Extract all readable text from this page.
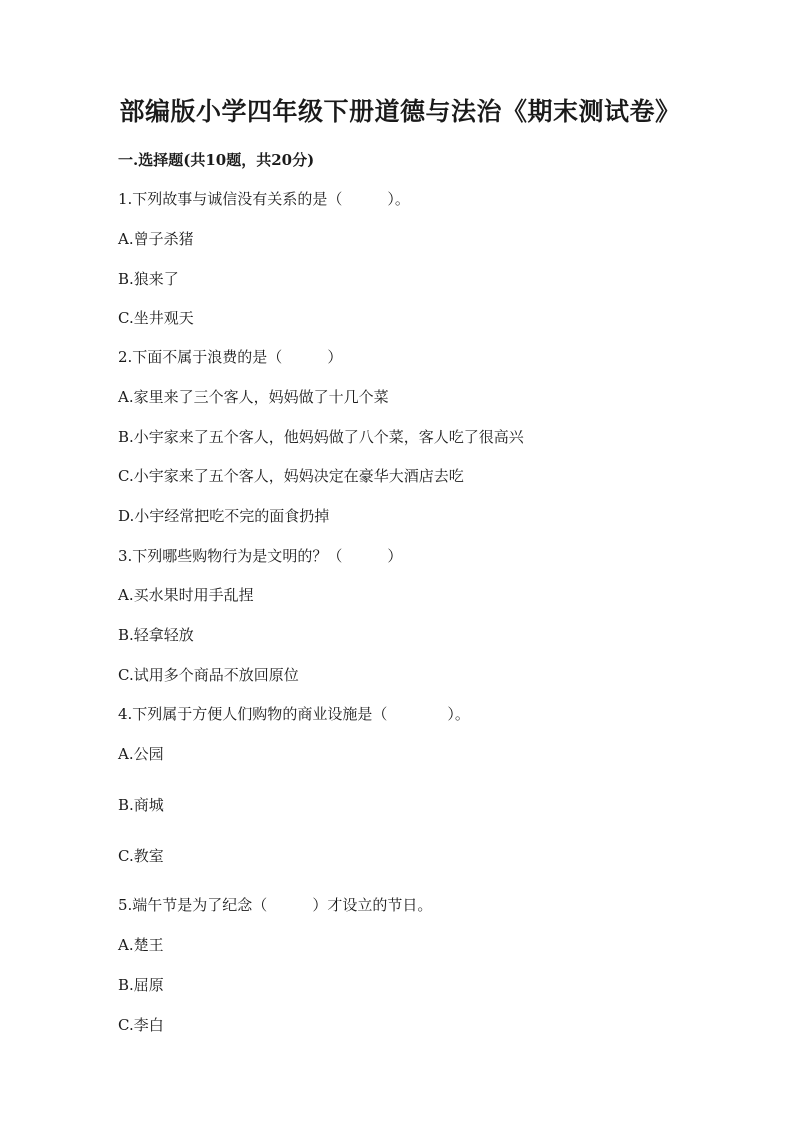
部编版小学四年级下册道德与法治《期末测试卷》
一.选择题(共10题，共20分)
1.下列故事与诚信没有关系的是（　　　）。
A.曾子杀猪
B.狼来了
C.坐井观天
2.下面不属于浪费的是（　　　）
A.家里来了三个客人，妈妈做了十几个菜
B.小宇家来了五个客人，他妈妈做了八个菜，客人吃了很高兴
C.小宇家来了五个客人，妈妈决定在豪华大酒店去吃
D.小宇经常把吃不完的面食扔掉
3.下列哪些购物行为是文明的？（　　　）
A.买水果时用手乱捏
B.轻拿轻放
C.试用多个商品不放回原位
4.下列属于方便人们购物的商业设施是（　　　　）。
A.公园
B.商城
C.教室
5.端午节是为了纪念（　　　）才设立的节日。
A.楚王
B.屈原
C.李白
